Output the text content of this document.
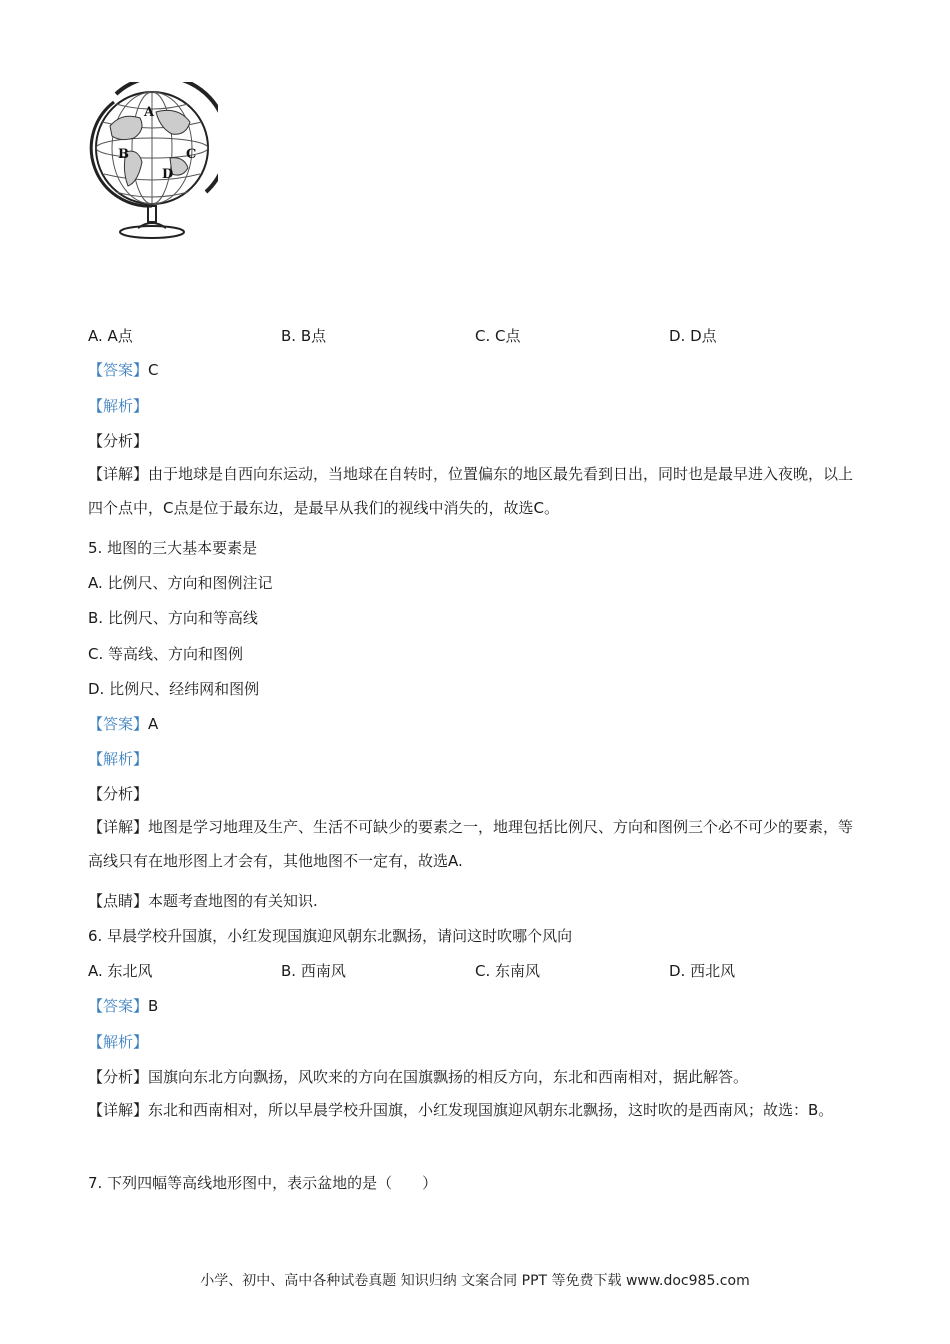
A
B	C
D
A. A点	B. B点	C. C点	D. D点
【答案】C
【解析】
【分析】
【详解】由于地球是自西向东运动，当地球在自转时，位置偏东的地区最先看到日出，同时也是最早进入夜晚，以上四个点中，C点是位于最东边，是最早从我们的视线中消失的，故选C。
5. 地图的三大基本要素是
A. 比例尺、方向和图例注记
B. 比例尺、方向和等高线
C. 等高线、方向和图例
D. 比例尺、经纬网和图例
【答案】A
【解析】
【分析】
【详解】地图是学习地理及生产、生活不可缺少的要素之一，地理包括比例尺、方向和图例三个必不可少的要素，等高线只有在地形图上才会有，其他地图不一定有，故选A.
【点睛】本题考查地图的有关知识.
6. 早晨学校升国旗，小红发现国旗迎风朝东北飘扬，请问这时吹哪个风向
A. 东北风	B. 西南风	C. 东南风	D. 西北风
【答案】B
【解析】
【分析】国旗向东北方向飘扬，风吹来的方向在国旗飘扬的相反方向，东北和西南相对，据此解答。
【详解】东北和西南相对，所以早晨学校升国旗，小红发现国旗迎风朝东北飘扬，这时吹的是西南风；故选：B。
7. 下列四幅等高线地形图中，表示盆地的是（　　）
小学、初中、高中各种试卷真题 知识归纳 文案合同 PPT 等免费下载 www.doc985.com
